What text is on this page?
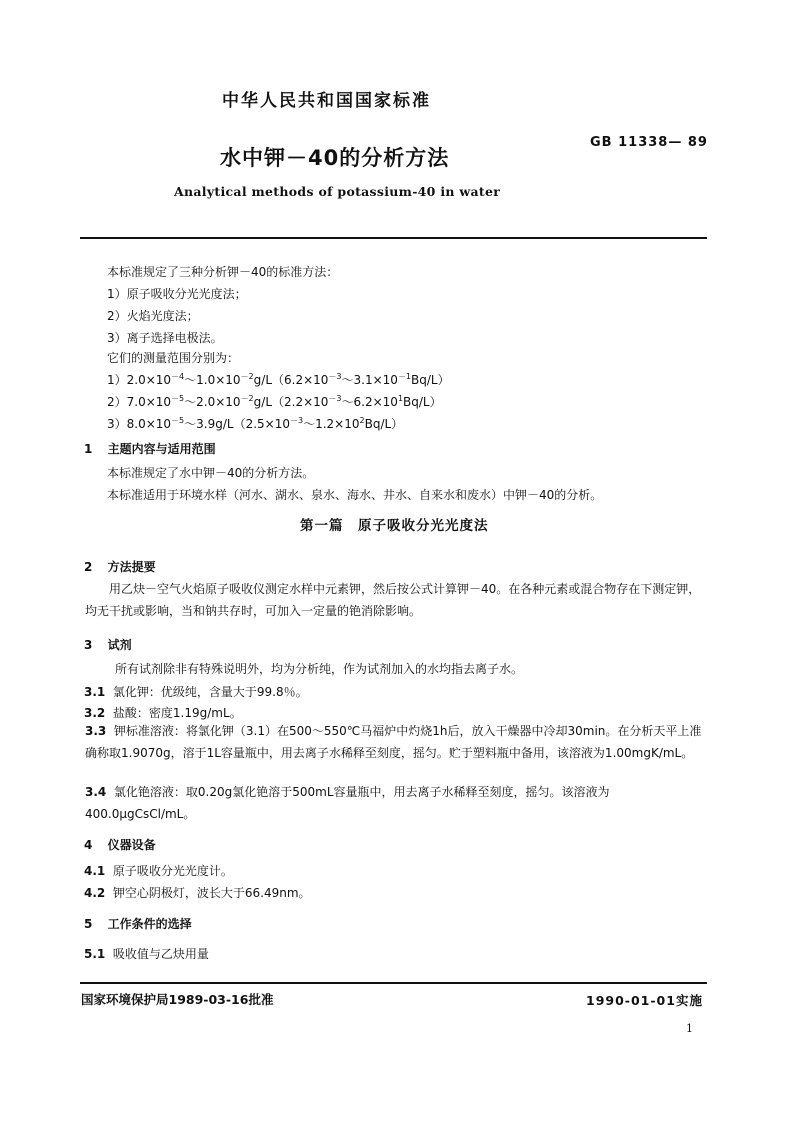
中华人民共和国国家标准
水中钾－40的分析方法
GB 11338— 89
Analytical methods of potassium-40 in water
本标准规定了三种分析钾－40的标准方法：
1）原子吸收分光光度法；
2）火焰光度法；
3）离子选择电极法。
它们的测量范围分别为：
$1)2.0\times 10^{-4}\sim 1.0\times 10^{-2}g/L(6.2\times 10^{-3}\sim 3.1\times 10^{-1}Bq/L)$
$2)7.0\times 10^{-5}\sim 2.0\times 10^{-2}g/L(2.2\times 10^{-3}\sim 6.2\times 10^1Bq/L)$
$3)8.0\times 10^{-5}\sim 3.9g/L(2.5\times 10^{-3}\sim 1.2\times 10^2Bq/L)$
1 主题内容与适用范围
本标准规定了水中钾－40的分析方法。
本标准适用于环境水样（河水、湖水、泉水、海水、井水、自来水和废水）中钾－40的分析。
第一篇　原子吸收分光光度法
2 方法提要
用乙炔－空气火焰原子吸收仪测定水样中元素钾，然后按公式计算钾－40。在各种元素或混合物存在下测定钾，均无干扰或影响，当和钠共存时，可加入一定量的铯消除影响。
3 试剂
所有试剂除非有特殊说明外，均为分析纯，作为试剂加入的水均指去离子水。
3.1 氯化钾：优级纯，含量大于99.8％。
3.2 盐酸：密度1.19g/mL。
3.3 钾标准溶液：将氯化钾（3.1）在500～550℃马福炉中灼烧1h后，放入干燥器中冷却30min。在分析天平上准确称取1.9070g，溶于1L容量瓶中，用去离子水稀释至刻度，摇匀。贮于塑料瓶中备用，该溶液为1.00mgK/mL。
3.4 氯化铯溶液：取0.20g氯化铯溶于500mL容量瓶中，用去离子水稀释至刻度，摇匀。该溶液为400.0μgCsCl/mL。
4 仪器设备
4.1 原子吸收分光光度计。
4.2 钾空心阴极灯，波长大于66.49nm。
5 工作条件的选择
5.1 吸收值与乙炔用量
国家环境保护局1989-03-16批准	1990-01-01实施
1
